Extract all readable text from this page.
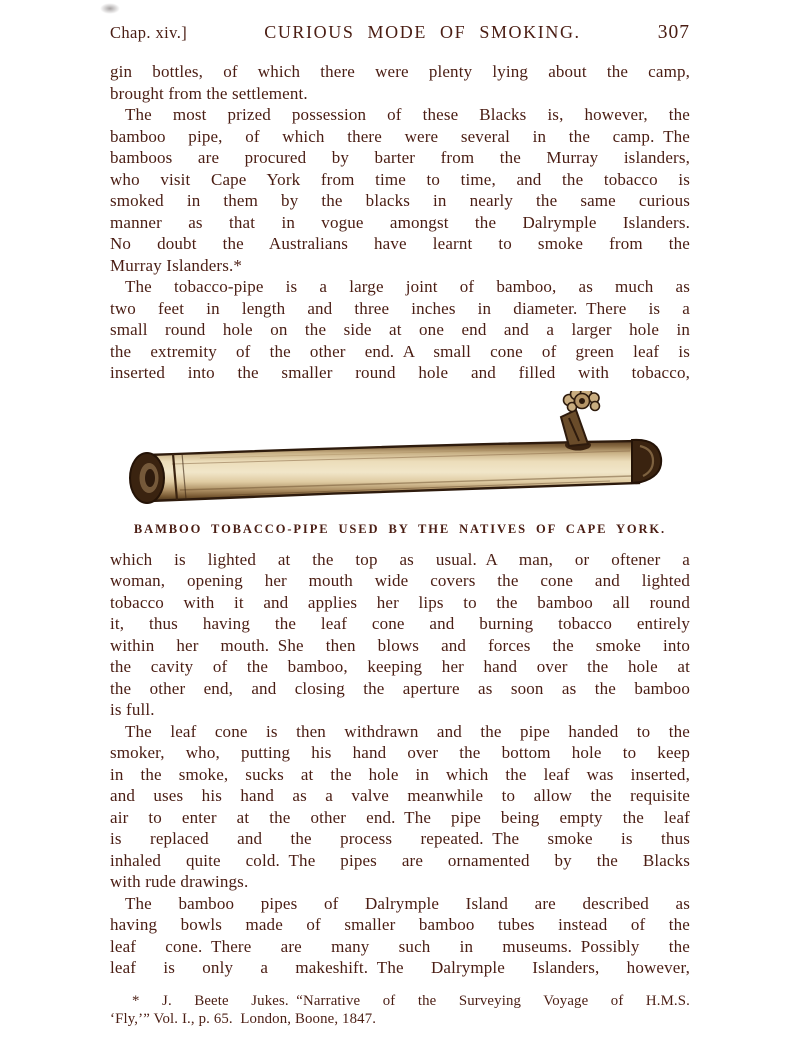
Chap. xiv.]	CURIOUS MODE OF SMOKING.	307

gin bottles, of which there were plenty lying about the camp,
brought from the settlement.

The most prized possession of these Blacks is, however, the
bamboo pipe, of which there were several in the camp. The
bamboos are procured by barter from the Murray islanders,
who visit Cape York from time to time, and the tobacco is
smoked in them by the blacks in nearly the same curious
manner as that in vogue amongst the Dalrymple Islanders.
No doubt the Australians have learnt to smoke from the
Murray Islanders.*

The tobacco-pipe is a large joint of bamboo, as much as
two feet in length and three inches in diameter. There is a
small round hole on the side at one end and a larger hole in
the extremity of the other end. A small cone of green leaf is
inserted into the smaller round hole and filled with tobacco,

BAMBOO TOBACCO-PIPE USED BY THE NATIVES OF CAPE YORK.

which is lighted at the top as usual. A man, or oftener a
woman, opening her mouth wide covers the cone and lighted
tobacco with it and applies her lips to the bamboo all round
it, thus having the leaf cone and burning tobacco entirely
within her mouth. She then blows and forces the smoke into
the cavity of the bamboo, keeping her hand over the hole at
the other end, and closing the aperture as soon as the bamboo
is full.

The leaf cone is then withdrawn and the pipe handed to the
smoker, who, putting his hand over the bottom hole to keep
in the smoke, sucks at the hole in which the leaf was inserted,
and uses his hand as a valve meanwhile to allow the requisite
air to enter at the other end. The pipe being empty the leaf
is replaced and the process repeated. The smoke is thus
inhaled quite cold. The pipes are ornamented by the Blacks
with rude drawings.

The bamboo pipes of Dalrymple Island are described as
having bowls made of smaller bamboo tubes instead of the
leaf cone. There are many such in museums. Possibly the
leaf is only a makeshift. The Dalrymple Islanders, however,

* J. Beete Jukes. “Narrative of the Surveying Voyage of H.M.S.
‘Fly,’” Vol. I., p. 65. London, Boone, 1847.
